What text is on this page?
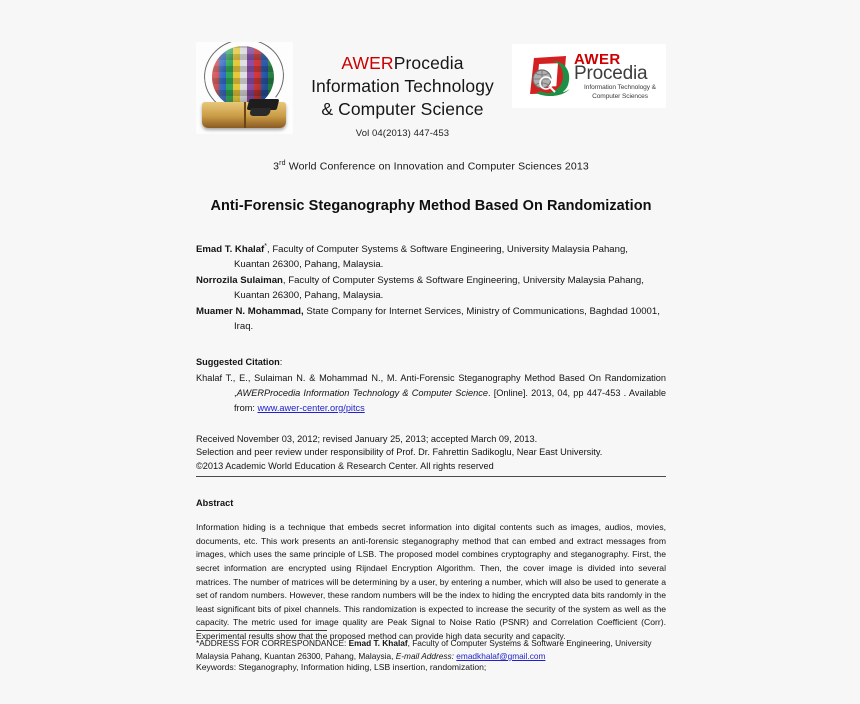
AWERProcedia
Information Technology
& Computer Science
Vol 04(2013) 447-453
AWER
Procedia
Information Technology &
Computer Sciences
3rd World Conference on Innovation and Computer Sciences 2013
Anti-Forensic Steganography Method Based On Randomization
Emad T. Khalaf*, Faculty of Computer Systems & Software Engineering, University Malaysia Pahang, Kuantan 26300, Pahang, Malaysia.
Norrozila Sulaiman, Faculty of Computer Systems & Software Engineering, University Malaysia Pahang, Kuantan 26300, Pahang, Malaysia.
Muamer N. Mohammad, State Company for Internet Services, Ministry of Communications, Baghdad 10001, Iraq.
Suggested Citation:
Khalaf T., E., Sulaiman N. & Mohammad N., M. Anti-Forensic Steganography Method Based On Randomization ,AWERProcedia Information Technology & Computer Science. [Online]. 2013, 04, pp 447-453 . Available from: www.awer-center.org/pitcs
Received November 03, 2012; revised January 25, 2013; accepted March 09, 2013.
Selection and peer review under responsibility of Prof. Dr. Fahrettin Sadikoglu, Near East University.
©2013 Academic World Education & Research Center. All rights reserved
Abstract
Information hiding is a technique that embeds secret information into digital contents such as images, audios, movies, documents, etc. This work presents an anti-forensic steganography method that can embed and extract messages from images, which uses the same principle of LSB. The proposed model combines cryptography and steganography. First, the secret information are encrypted using Rijndael Encryption Algorithm. Then, the cover image is divided into several matrices. The number of matrices will be determining by a user, by entering a number, which will also be used to generate a set of random numbers. However, these random numbers will be the index to hiding the encrypted data bits randomly in the least significant bits of pixel channels. This randomization is expected to increase the security of the system as well as the capacity. The metric used for image quality are Peak Signal to Noise Ratio (PSNR) and Correlation Coefficient (Corr). Experimental results show that the proposed method can provide high data security and capacity.
Keywords: Steganography, Information hiding, LSB insertion, randomization;
*ADDRESS FOR CORRESPONDANCE: Emad T. Khalaf, Faculty of Computer Systems & Software Engineering, University Malaysia Pahang, Kuantan 26300, Pahang, Malaysia, E-mail Address: emadkhalaf@gmail.com
